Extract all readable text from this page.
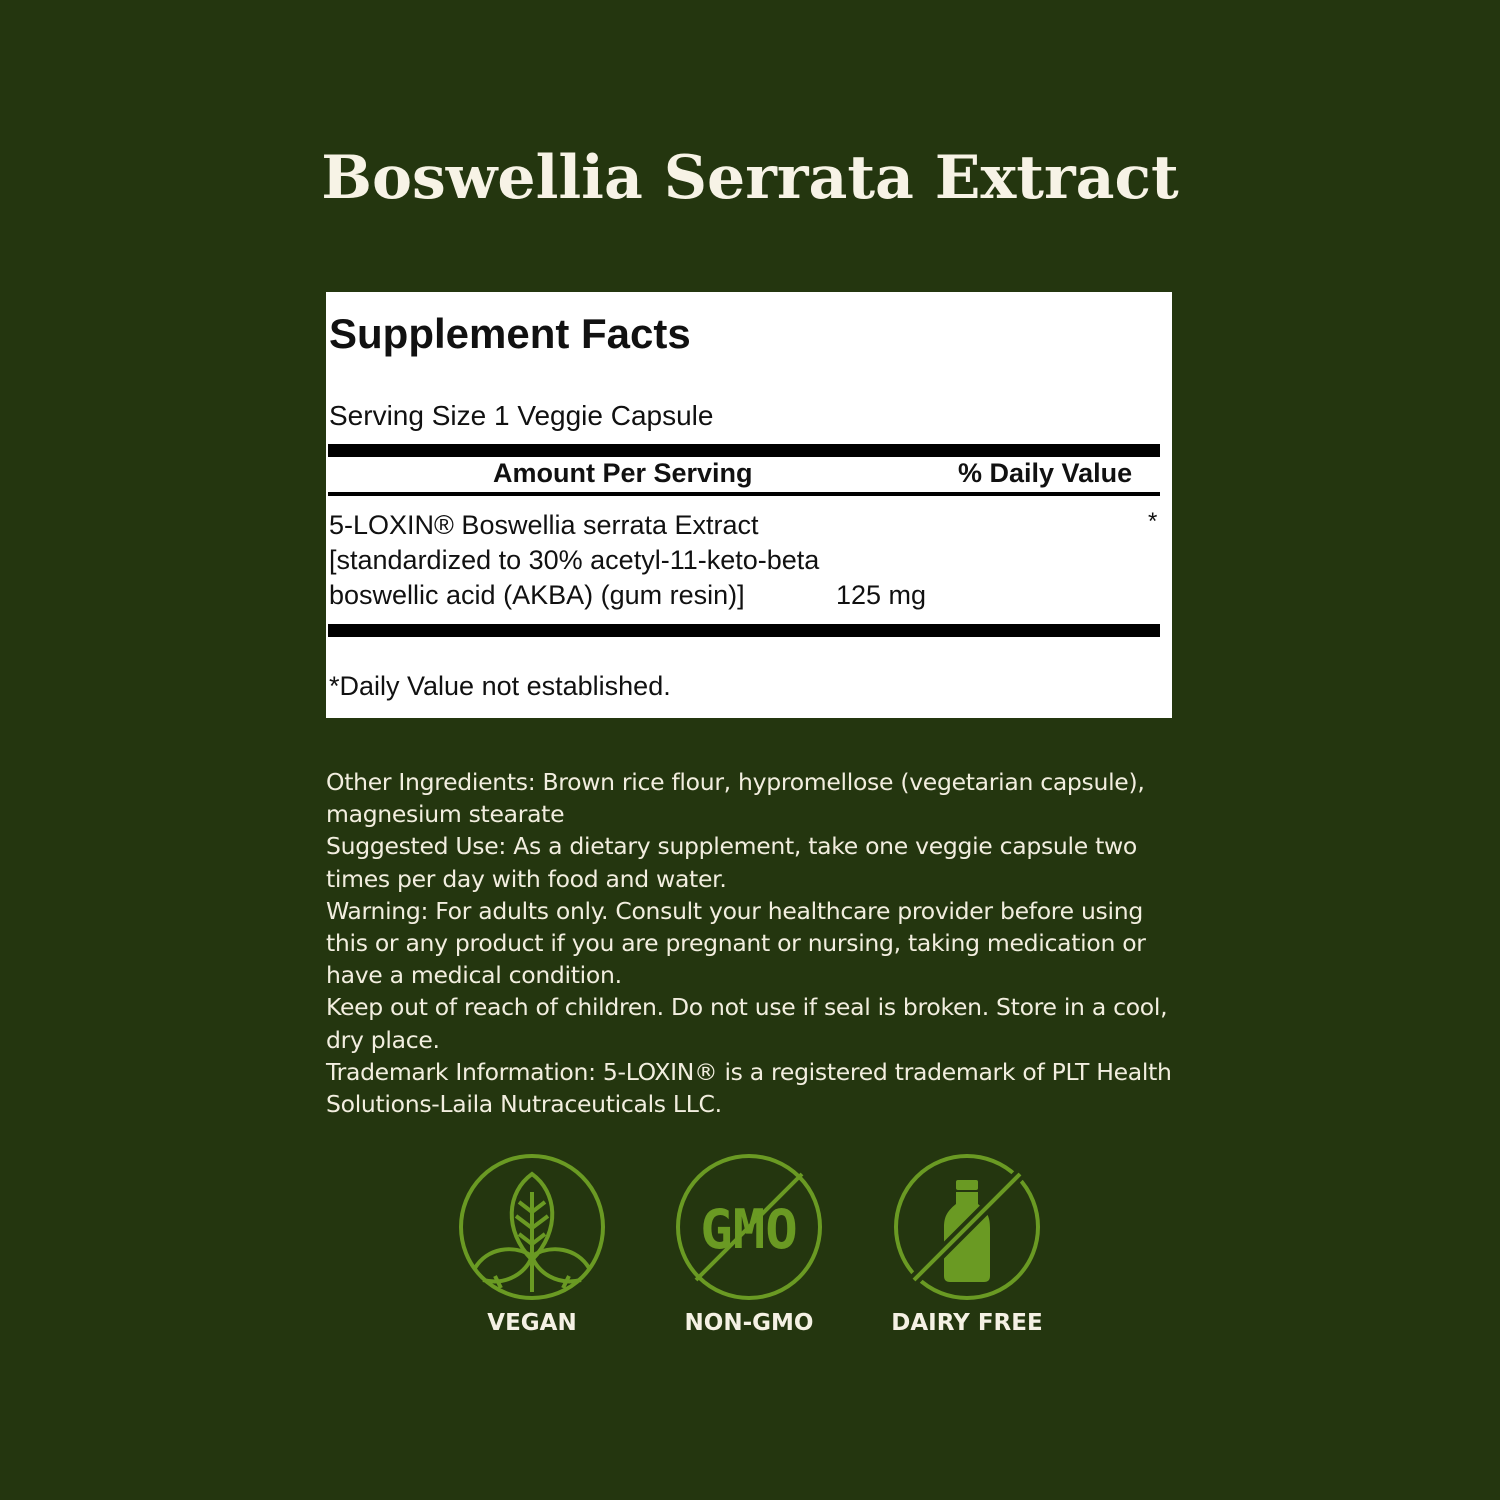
Boswellia Serrata Extract
Supplement Facts
Serving Size 1 Veggie Capsule
Amount Per Serving	% Daily Value
5-LOXIN® Boswellia serrata Extract
[standardized to 30% acetyl-11-keto-beta
boswellic acid (AKBA) (gum resin)]	125 mg
*
*Daily Value not established.

Other Ingredients: Brown rice flour, hypromellose (vegetarian capsule), magnesium stearate

Suggested Use: As a dietary supplement, take one veggie capsule two times per day with food and water.

Warning: For adults only. Consult your healthcare provider before using this or any product if you are pregnant or nursing, taking medication or have a medical condition.

Keep out of reach of children. Do not use if seal is broken. Store in a cool, dry place.

Trademark Information: 5-LOXIN® is a registered trademark of PLT Health Solutions-Laila Nutraceuticals LLC.

VEGAN
GMO
NON-GMO	DAIRY FREE
